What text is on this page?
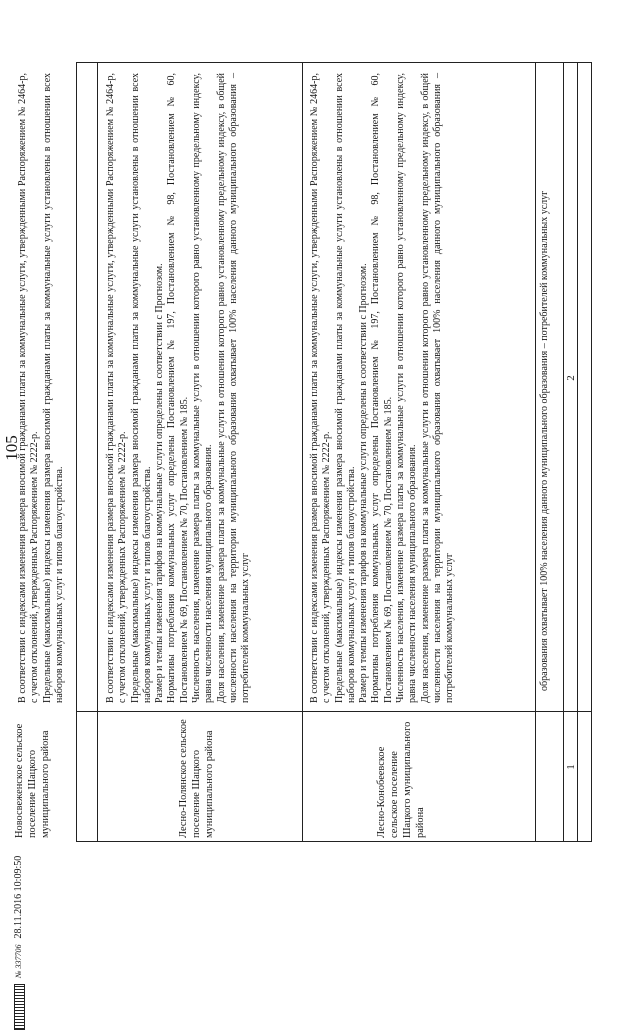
105
№ 337706
28.11.2016 10:09:50
1
2
образования охватывает 100% населения данного муниципального образования – потребителей коммунальных услуг
Лесно-Конобеевское сельское поселение Шацкого муниципального района

В соответствии с индексами изменения размера вносимой гражданами платы за коммунальные услуги, утвержденными Распоряжением № 2464-р, с учетом отклонений, утвержденных Распоряжением № 2222-р. Предельные (максимальные) индексы изменения размера вносимой гражданами платы за коммунальные услуги установлены в отношении всех наборов коммунальных услуг и типов благоустройства. Размер и темпы изменения тарифов на коммунальные услуги определены в соответствии с Прогнозом. Нормативы потребления коммунальных услуг определены Постановлением № 197, Постановлением № 98, Постановлением № 60, Постановлением № 69, Постановлением № 70, Постановлением № 185. Численность населения, изменение размера платы за коммунальные услуги в отношении которого равно установленному предельному индексу, равна численности населения муниципального образования. Доля населения, изменение размера платы за коммунальные услуги в отношении которого равно установленному предельному индексу, в общей численности населения на территории муниципального образования охватывает 100% населения данного муниципального образования – потребителей коммунальных услуг

Лесно-Полянское сельское поселение Шацкого муниципального района

В соответствии с индексами изменения размера вносимой гражданами платы за коммунальные услуги, утвержденными Распоряжением № 2464-р, с учетом отклонений, утвержденных Распоряжением № 2222-р. Предельные (максимальные) индексы изменения размера вносимой гражданами платы за коммунальные услуги установлены в отношении всех наборов коммунальных услуг и типов благоустройства. Размер и темпы изменения тарифов на коммунальные услуги определены в соответствии с Прогнозом. Нормативы потребления коммунальных услуг определены Постановлением № 197, Постановлением № 98, Постановлением № 60, Постановлением № 69, Постановлением № 70, Постановлением № 185. Численность населения, изменение размера платы за коммунальные услуги в отношении которого равно установленному предельному индексу, равна численности населения муниципального образования. Доля населения, изменение размера платы за коммунальные услуги в отношении которого равно установленному предельному индексу, в общей численности населения на территории муниципального образования охватывает 100% населения данного муниципального образования – потребителей коммунальных услуг

Новосвеженское сельское поселение Шацкого муниципального района

В соответствии с индексами изменения размера вносимой гражданами платы за коммунальные услуги, утвержденными Распоряжением № 2464-р, с учетом отклонений, утвержденных Распоряжением № 2222-р. Предельные (максимальные) индексы изменения размера вносимой гражданами платы за коммунальные услуги установлены в отношении всех наборов коммунальных услуг и типов благоустройства.
